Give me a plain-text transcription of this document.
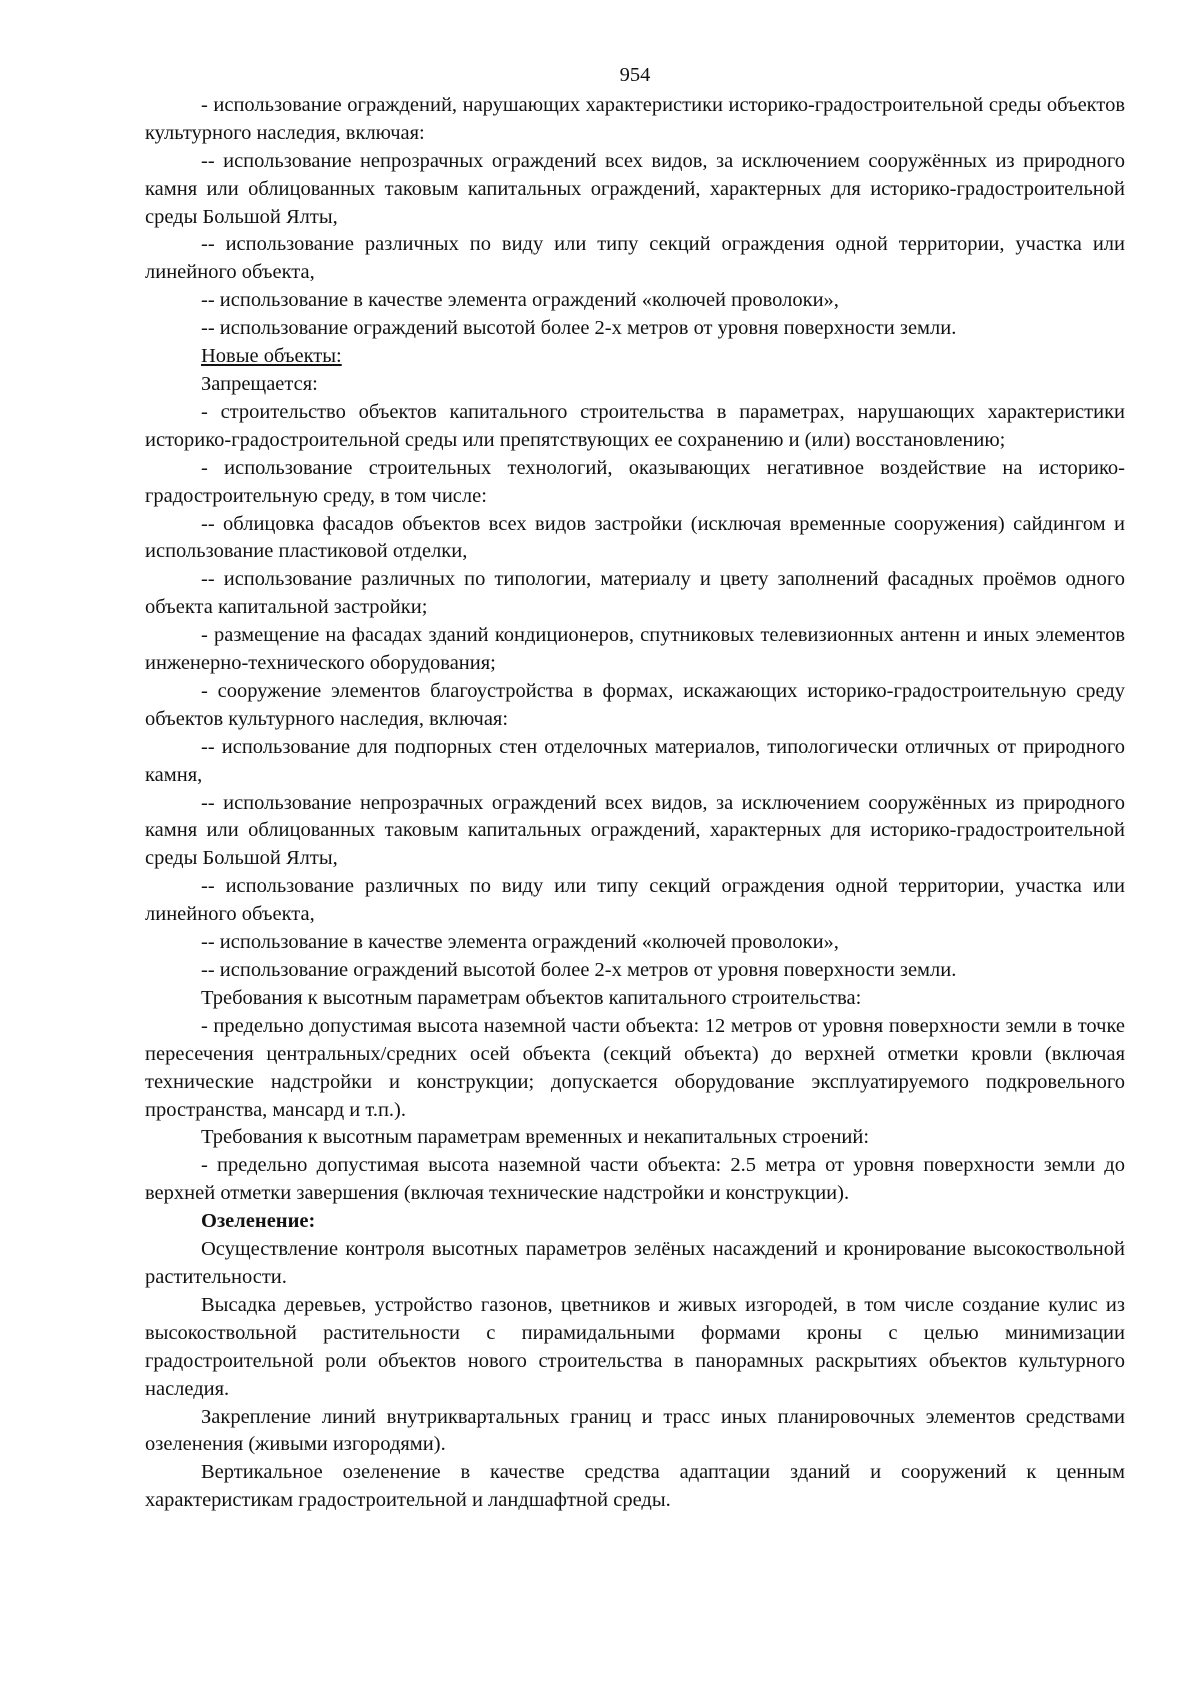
954

- использование ограждений, нарушающих характеристики историко-градостроительной среды объектов культурного наследия, включая:

-- использование непрозрачных ограждений всех видов, за исключением сооружённых из природного камня или облицованных таковым капитальных ограждений, характерных для историко-градостроительной среды Большой Ялты,

-- использование различных по виду или типу секций ограждения одной территории, участка или линейного объекта,

-- использование в качестве элемента ограждений «колючей проволоки»,

-- использование ограждений высотой более 2-х метров от уровня поверхности земли.

Новые объекты:

Запрещается:

- строительство объектов капитального строительства в параметрах, нарушающих характеристики историко-градостроительной среды или препятствующих ее сохранению и (или) восстановлению;

- использование строительных технологий, оказывающих негативное воздействие на историко-градостроительную среду, в том числе:

-- облицовка фасадов объектов всех видов застройки (исключая временные сооружения) сайдингом и использование пластиковой отделки,

-- использование различных по типологии, материалу и цвету заполнений фасадных проёмов одного объекта капитальной застройки;

- размещение на фасадах зданий кондиционеров, спутниковых телевизионных антенн и иных элементов инженерно-технического оборудования;

- сооружение элементов благоустройства в формах, искажающих историко-градостроительную среду объектов культурного наследия, включая:

-- использование для подпорных стен отделочных материалов, типологически отличных от природного камня,

-- использование непрозрачных ограждений всех видов, за исключением сооружённых из природного камня или облицованных таковым капитальных ограждений, характерных для историко-градостроительной среды Большой Ялты,

-- использование различных по виду или типу секций ограждения одной территории, участка или линейного объекта,

-- использование в качестве элемента ограждений «колючей проволоки»,

-- использование ограждений высотой более 2-х метров от уровня поверхности земли.

Требования к высотным параметрам объектов капитального строительства:

- предельно допустимая высота наземной части объекта: 12 метров от уровня поверхности земли в точке пересечения центральных/средних осей объекта (секций объекта) до верхней отметки кровли (включая технические надстройки и конструкции; допускается оборудование эксплуатируемого подкровельного пространства, мансард и т.п.).

Требования к высотным параметрам временных и некапитальных строений:

- предельно допустимая высота наземной части объекта: 2.5 метра от уровня поверхности земли до верхней отметки завершения (включая технические надстройки и конструкции).

Озеленение:

Осуществление контроля высотных параметров зелёных насаждений и кронирование высокоствольной растительности.

Высадка деревьев, устройство газонов, цветников и живых изгородей, в том числе создание кулис из высокоствольной растительности с пирамидальными формами кроны с целью минимизации градостроительной роли объектов нового строительства в панорамных раскрытиях объектов культурного наследия.

Закрепление линий внутриквартальных границ и трасс иных планировочных элементов средствами озеленения (живыми изгородями).

Вертикальное озеленение в качестве средства адаптации зданий и сооружений к ценным характеристикам градостроительной и ландшафтной среды.
